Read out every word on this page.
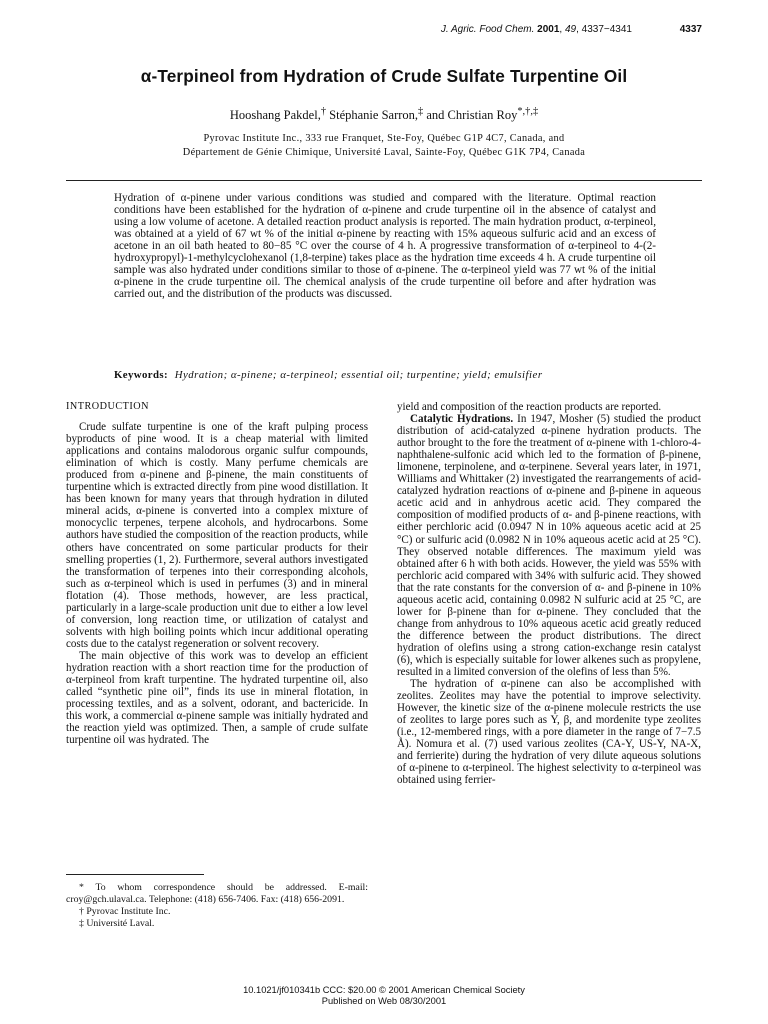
J. Agric. Food Chem. 2001, 49, 4337−4341	4337
α-Terpineol from Hydration of Crude Sulfate Turpentine Oil
Hooshang Pakdel,† Stéphanie Sarron,‡ and Christian Roy*,†,‡
Pyrovac Institute Inc., 333 rue Franquet, Ste-Foy, Québec G1P 4C7, Canada, and
Département de Génie Chimique, Université Laval, Sainte-Foy, Québec G1K 7P4, Canada

Hydration of α-pinene under various conditions was studied and compared with the literature. Optimal reaction conditions have been established for the hydration of α-pinene and crude turpentine oil in the absence of catalyst and using a low volume of acetone. A detailed reaction product analysis is reported. The main hydration product, α-terpineol, was obtained at a yield of 67 wt % of the initial α-pinene by reacting with 15% aqueous sulfuric acid and an excess of acetone in an oil bath heated to 80−85 °C over the course of 4 h. A progressive transformation of α-terpineol to 4-(2-hydroxypropyl)-1-methylcyclohexanol (1,8-terpine) takes place as the hydration time exceeds 4 h. A crude turpentine oil sample was also hydrated under conditions similar to those of α-pinene. The α-terpineol yield was 77 wt % of the initial α-pinene in the crude turpentine oil. The chemical analysis of the crude turpentine oil before and after hydration was carried out, and the distribution of the products was discussed.

Keywords: Hydration; α-pinene; α-terpineol; essential oil; turpentine; yield; emulsifier
INTRODUCTION

Crude sulfate turpentine is one of the kraft pulping process byproducts of pine wood. It is a cheap material with limited applications and contains malodorous organic sulfur compounds, elimination of which is costly. Many perfume chemicals are produced from α-pinene and β-pinene, the main constituents of turpentine which is extracted directly from pine wood distillation. It has been known for many years that through hydration in diluted mineral acids, α-pinene is converted into a complex mixture of monocyclic terpenes, terpene alcohols, and hydrocarbons. Some authors have studied the composition of the reaction products, while others have concentrated on some particular products for their smelling properties (1, 2). Furthermore, several authors investigated the transformation of terpenes into their corresponding alcohols, such as α-terpineol which is used in perfumes (3) and in mineral flotation (4). Those methods, however, are less practical, particularly in a large-scale production unit due to either a low level of conversion, long reaction time, or utilization of catalyst and solvents with high boiling points which incur additional operating costs due to the catalyst regeneration or solvent recovery.

The main objective of this work was to develop an efficient hydration reaction with a short reaction time for the production of α-terpineol from kraft turpentine. The hydrated turpentine oil, also called “synthetic pine oil”, finds its use in mineral flotation, in processing textiles, and as a solvent, odorant, and bactericide. In this work, a commercial α-pinene sample was initially hydrated and the reaction yield was optimized. Then, a sample of crude sulfate turpentine oil was hydrated. The

yield and composition of the reaction products are reported.

Catalytic Hydrations. In 1947, Mosher (5) studied the product distribution of acid-catalyzed α-pinene hydration products. The author brought to the fore the treatment of α-pinene with 1-chloro-4-naphthalene-sulfonic acid which led to the formation of β-pinene, limonene, terpinolene, and α-terpinene. Several years later, in 1971, Williams and Whittaker (2) investigated the rearrangements of acid-catalyzed hydration reactions of α-pinene and β-pinene in aqueous acetic acid and in anhydrous acetic acid. They compared the composition of modified products of α- and β-pinene reactions, with either perchloric acid (0.0947 N in 10% aqueous acetic acid at 25 °C) or sulfuric acid (0.0982 N in 10% aqueous acetic acid at 25 °C). They observed notable differences. The maximum yield was obtained after 6 h with both acids. However, the yield was 55% with perchloric acid compared with 34% with sulfuric acid. They showed that the rate constants for the conversion of α- and β-pinene in 10% aqueous acetic acid, containing 0.0982 N sulfuric acid at 25 °C, are lower for β-pinene than for α-pinene. They concluded that the change from anhydrous to 10% aqueous acetic acid greatly reduced the difference between the product distributions. The direct hydration of olefins using a strong cation-exchange resin catalyst (6), which is especially suitable for lower alkenes such as propylene, resulted in a limited conversion of the olefins of less than 5%.

The hydration of α-pinene can also be accomplished with zeolites. Zeolites may have the potential to improve selectivity. However, the kinetic size of the α-pinene molecule restricts the use of zeolites to large pores such as Y, β, and mordenite type zeolites (i.e., 12-membered rings, with a pore diameter in the range of 7−7.5 Å). Nomura et al. (7) used various zeolites (CA-Y, US-Y, NA-X, and ferrierite) during the hydration of very dilute aqueous solutions of α-pinene to α-terpineol. The highest selectivity to α-terpineol was obtained using ferrier-

* To whom correspondence should be addressed. E-mail: croy@gch.ulaval.ca. Telephone: (418) 656-7406. Fax: (418) 656-2091.
† Pyrovac Institute Inc.
‡ Université Laval.
10.1021/jf010341b CCC: $20.00 © 2001 American Chemical Society
Published on Web 08/30/2001
